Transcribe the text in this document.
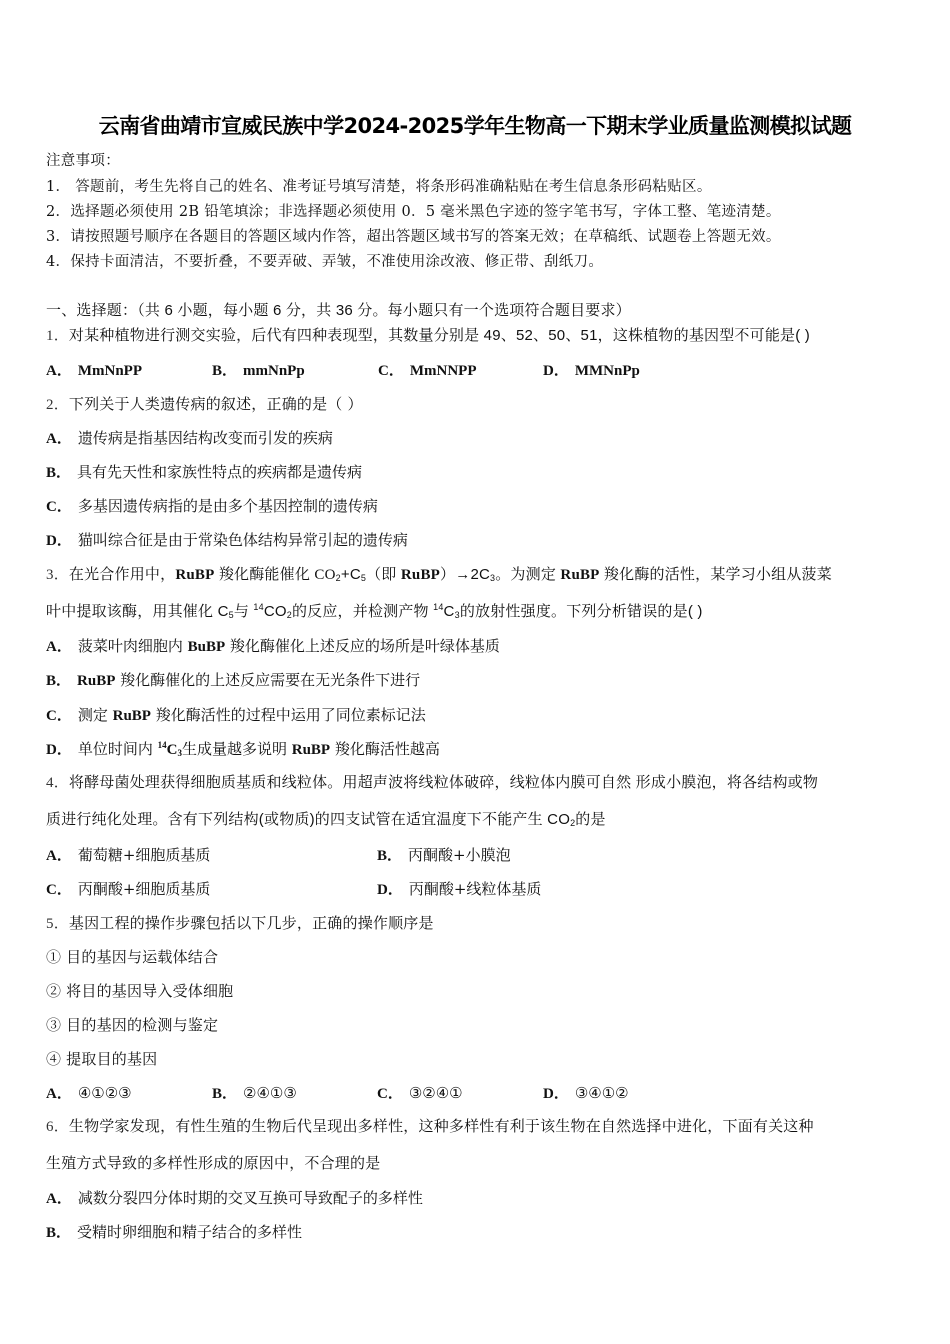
云南省曲靖市宣威民族中学2024-2025学年生物高一下期末学业质量监测模拟试题
注意事项：
1． 答题前，考生先将自己的姓名、准考证号填写清楚，将条形码准确粘贴在考生信息条形码粘贴区。
2．选择题必须使用 2B 铅笔填涂；非选择题必须使用 0．5 毫米黑色字迹的签字笔书写，字体工整、笔迹清楚。
3．请按照题号顺序在各题目的答题区域内作答，超出答题区域书写的答案无效；在草稿纸、试题卷上答题无效。
4．保持卡面清洁，不要折叠，不要弄破、弄皱，不准使用涂改液、修正带、刮纸刀。
一、选择题：（共 6 小题，每小题 6 分，共 36 分。每小题只有一个选项符合题目要求）
1．对某种植物进行测交实验，后代有四种表现型，其数量分别是 49、52、50、51，这株植物的基因型不可能是( )
A． MmNnPP	B． mmNnPp	C． MmNNPP	D． MMNnPp
2．下列关于人类遗传病的叙述，正确的是（ ）
A． 遗传病是指基因结构改变而引发的疾病
B． 具有先天性和家族性特点的疾病都是遗传病
C． 多基因遗传病指的是由多个基因控制的遗传病
D． 猫叫综合征是由于常染色体结构异常引起的遗传病
3．在光合作用中，RuBP 羧化酶能催化 $CO_2+C_5$（即 $RuBP)\to 2C_3$。为测定 RuBP 羧化酶的活性，某学习小组从菠菜
叶中提取该酶，用其催化 $C_5$与 $^{14}CO_2$的反应，并检测产物 $^{14}C_3$的放射性强度。下列分析错误的是( )
A． 菠菜叶肉细胞内 BuBP 羧化酶催化上述反应的场所是叶绿体基质
B． RuBP 羧化酶催化的上述反应需要在无光条件下进行
C． 测定 RuBP 羧化酶活性的过程中运用了同位素标记法
D． 单位时间内 $^{14}C_3$生成量越多说明 RuBP 羧化酶活性越高
4．将酵母菌处理获得细胞质基质和线粒体。用超声波将线粒体破碎，线粒体内膜可自然 形成小膜泡，将各结构或物
质进行纯化处理。含有下列结构(或物质)的四支试管在适宜温度下不能产生 $CO_2$的是
A． 葡萄糖+细胞质基质	B． 丙酮酸+小膜泡
C． 丙酮酸+细胞质基质	D． 丙酮酸+线粒体基质
5．基因工程的操作步骤包括以下几步，正确的操作顺序是
① 目的基因与运载体结合
② 将目的基因导入受体细胞
③ 目的基因的检测与鉴定
④ 提取目的基因
A． ④①②③	B． ②④①③	C． ③②④①	D． ③④①②
6．生物学家发现，有性生殖的生物后代呈现出多样性，这种多样性有利于该生物在自然选择中进化，下面有关这种
生殖方式导致的多样性形成的原因中，不合理的是
A． 减数分裂四分体时期的交叉互换可导致配子的多样性
B． 受精时卵细胞和精子结合的多样性
